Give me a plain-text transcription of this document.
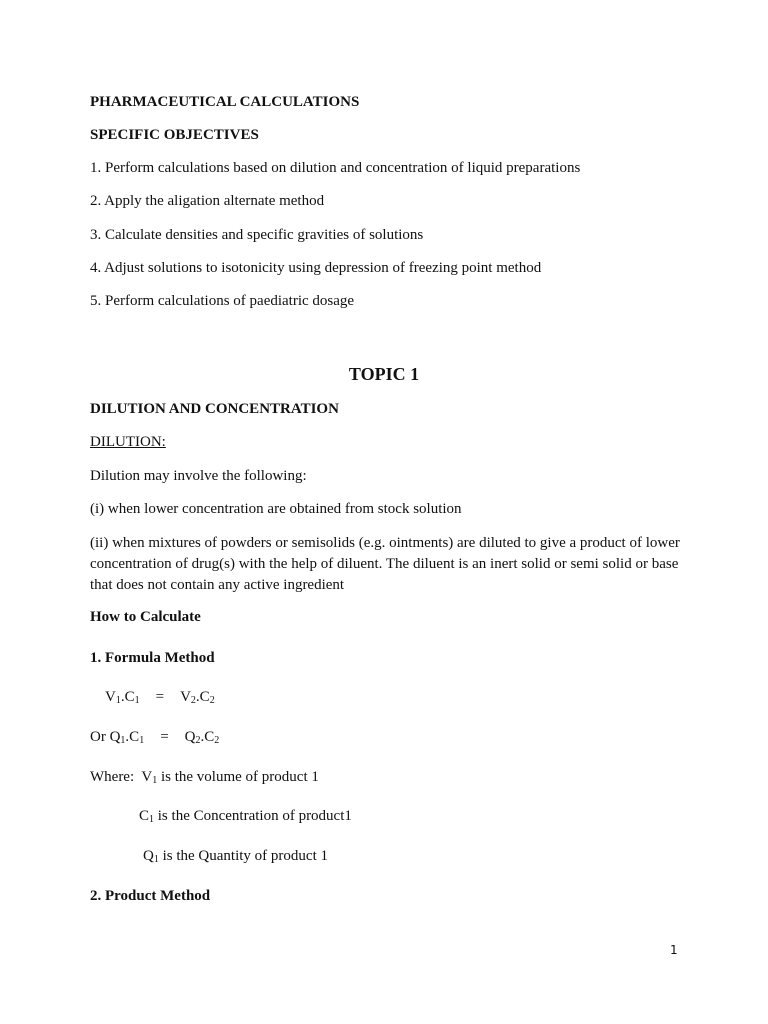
PHARMACEUTICAL CALCULATIONS
SPECIFIC OBJECTIVES
1. Perform calculations based on dilution and concentration of liquid preparations
2. Apply the aligation alternate method
3. Calculate densities and specific gravities of solutions
4. Adjust solutions to isotonicity using depression of freezing point method
5. Perform calculations of paediatric dosage
TOPIC 1
DILUTION AND CONCENTRATION
DILUTION:
Dilution may involve the following:
(i) when lower concentration are obtained from stock solution
(ii) when mixtures of powders or semisolids (e.g. ointments) are diluted to give a product of lower concentration of drug(s) with the help of diluent. The diluent is an inert solid or semi solid or base that does not contain any active ingredient
How to Calculate
1. Formula Method
$V_1.C_1 = V_2.C_2$
Or $Q_1.C_1 = Q_2.C_2$
Where:  $V_1$ is the volume of product 1
$C_1$ is the Concentration of product1
$Q_1$ is the Quantity of product 1
2. Product Method
1
